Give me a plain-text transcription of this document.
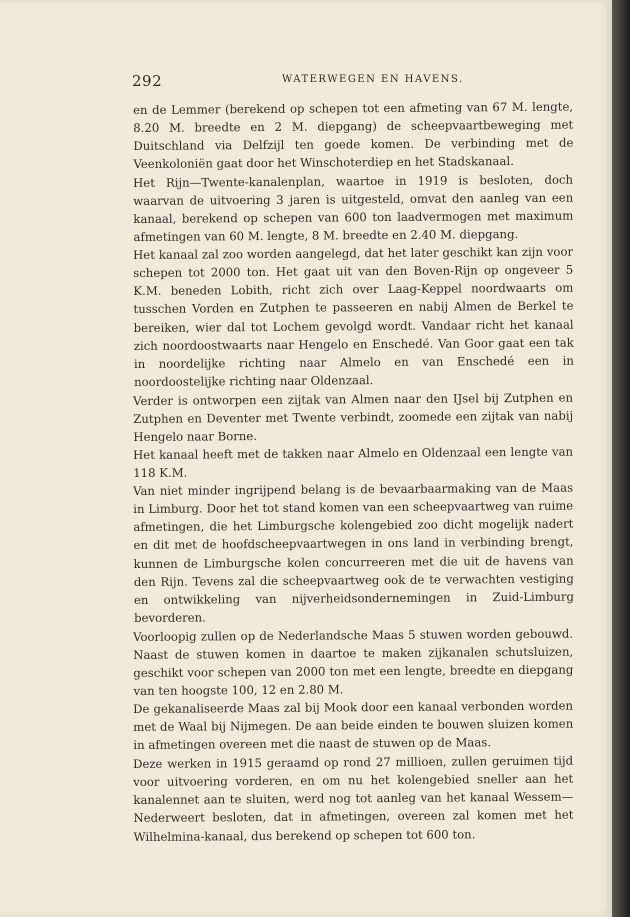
292	WATERWEGEN EN HAVENS.

en de Lemmer (berekend op schepen tot een afmeting van 67 M. lengte, 8.20 M. breedte en 2 M. diepgang) de scheepvaartbeweging met Duitschland via Delfzijl ten goede komen. De verbinding met de Veenkoloniën gaat door het Winschoterdiep en het Stadskanaal.

Het Rijn—Twente-kanalenplan, waartoe in 1919 is besloten, doch waarvan de uitvoering 3 jaren is uitgesteld, omvat den aanleg van een kanaal, berekend op schepen van 600 ton laadvermogen met maximum afmetingen van 60 M. lengte, 8 M. breedte en 2.40 M. diepgang.

Het kanaal zal zoo worden aangelegd, dat het later geschikt kan zijn voor schepen tot 2000 ton. Het gaat uit van den Boven-Rijn op ongeveer 5 K.M. beneden Lobith, richt zich over Laag-Keppel noordwaarts om tusschen Vorden en Zutphen te passeeren en nabij Almen de Berkel te bereiken, wier dal tot Lochem gevolgd wordt. Vandaar richt het kanaal zich noordoostwaarts naar Hengelo en Enschedé. Van Goor gaat een tak in noordelijke richting naar Almelo en van Enschedé een in noordoostelijke richting naar Oldenzaal.

Verder is ontworpen een zijtak van Almen naar den IJsel bij Zutphen en Zutphen en Deventer met Twente verbindt, zoomede een zijtak van nabij Hengelo naar Borne.

Het kanaal heeft met de takken naar Almelo en Oldenzaal een lengte van 118 K.M.

Van niet minder ingrijpend belang is de bevaarbaarmaking van de Maas in Limburg. Door het tot stand komen van een scheepvaartweg van ruime afmetingen, die het Limburgsche kolengebied zoo dicht mogelijk nadert en dit met de hoofdscheepvaartwegen in ons land in verbinding brengt, kunnen de Limburgsche kolen concurreeren met die uit de havens van den Rijn. Tevens zal die scheepvaartweg ook de te verwachten vestiging en ontwikkeling van nijverheidsondernemingen in Zuid-Limburg bevorderen.

Voorloopig zullen op de Nederlandsche Maas 5 stuwen worden gebouwd. Naast de stuwen komen in daartoe te maken zijkanalen schutsluizen, geschikt voor schepen van 2000 ton met een lengte, breedte en diepgang van ten hoogste 100, 12 en 2.80 M.

De gekanaliseerde Maas zal bij Mook door een kanaal verbonden worden met de Waal bij Nijmegen. De aan beide einden te bouwen sluizen komen in afmetingen overeen met die naast de stuwen op de Maas.

Deze werken in 1915 geraamd op rond 27 millioen, zullen geruimen tijd voor uitvoering vorderen, en om nu het kolengebied sneller aan het kanalennet aan te sluiten, werd nog tot aanleg van het kanaal Wessem—Nederweert besloten, dat in afmetingen, overeen zal komen met het Wilhelmina-kanaal, dus berekend op schepen tot 600 ton.
